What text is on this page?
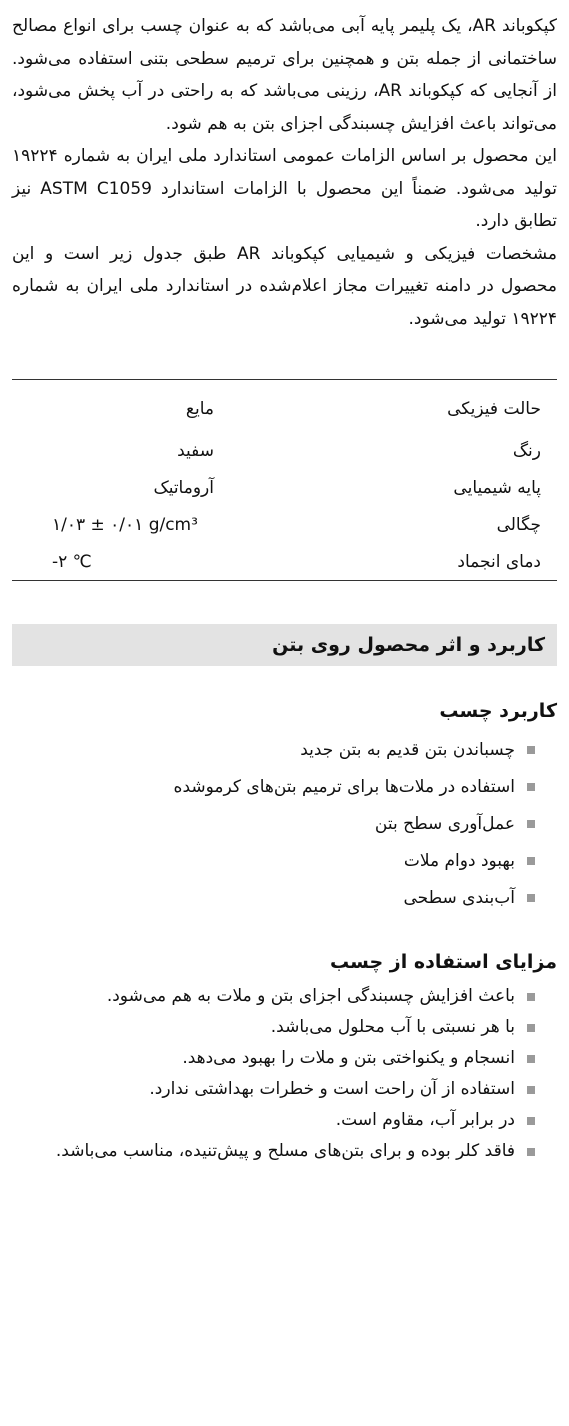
کپکوباند AR، یک پلیمر پایه آبی می‌باشد که به عنوان چسب برای انواع مصالح ساختمانی از جمله بتن و همچنین برای ترمیم سطحی بتنی استفاده می‌شود. از آنجایی که کپکوباند AR، رزینی می‌باشد که به راحتی در آب پخش می‌شود، می‌تواند باعث افزایش چسبندگی اجزای بتن به هم شود.

این محصول بر اساس الزامات عمومی استاندارد ملی ایران به شماره ۱۹۲۲۴ تولید می‌شود. ضمناً این محصول با الزامات استاندارد ASTM C1059 نیز تطابق دارد.

مشخصات فیزیکی و شیمیایی کپکوباند AR طبق جدول زیر است و این محصول در دامنه تغییرات مجاز اعلام‌شده در استاندارد ملی ایران به شماره ۱۹۲۲۴ تولید می‌شود.

حالت فیزیکی	مایع
رنگ	سفید
پایه شیمیایی	آروماتیک
چگالی	۱/۰۳ ± ۰/۰۱ g/cm³
دمای انجماد	-۲ ℃
کاربرد و اثر محصول روی بتن
کاربرد چسب
چسباندن بتن قدیم به بتن جدید
استفاده در ملات‌ها برای ترمیم بتن‌های کرموشده
عمل‌آوری سطح بتن
بهبود دوام ملات
آب‌بندی سطحی
مزایای استفاده از چسب
باعث افزایش چسبندگی اجزای بتن و ملات به هم می‌شود.
با هر نسبتی با آب محلول می‌باشد.
انسجام و یکنواختی بتن و ملات را بهبود می‌دهد.
استفاده از آن راحت است و خطرات بهداشتی ندارد.
در برابر آب، مقاوم است.
فاقد کلر بوده و برای بتن‌های مسلح و پیش‌تنیده، مناسب می‌باشد.
